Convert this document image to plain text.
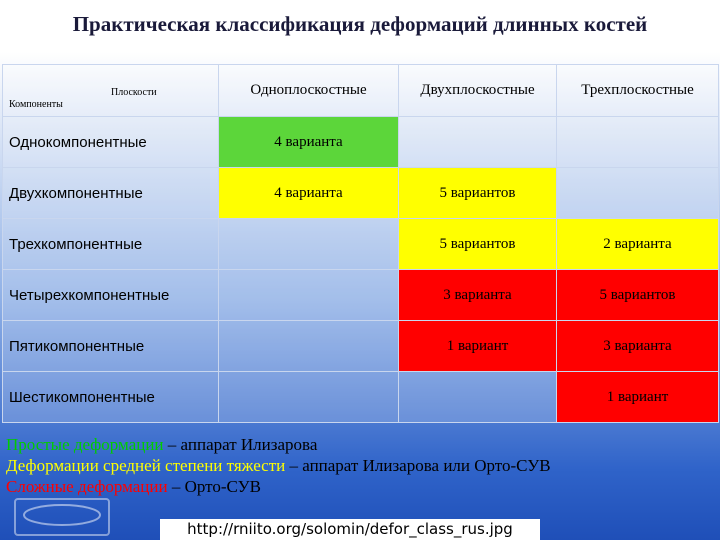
Практическая классификация деформаций длинных костей
Плоскости
Компоненты	Одноплоскостные	Двухплоскостные	Трехплоскостные
Однокомпонентные	4 варианта		
Двухкомпонентные	4 варианта	5 вариантов	
Трехкомпонентные		5 вариантов	2 варианта
Четырехкомпонентные		3 варианта	5 вариантов
Пятикомпонентные		1 вариант	3 варианта
Шестикомпонентные			1 вариант
Простые деформации – аппарат Илизарова
Деформации средней степени тяжести – аппарат Илизарова или Орто-СУВ
Сложные деформации – Орто-СУВ
http://rniito.org/solomin/defor_class_rus.jpg
